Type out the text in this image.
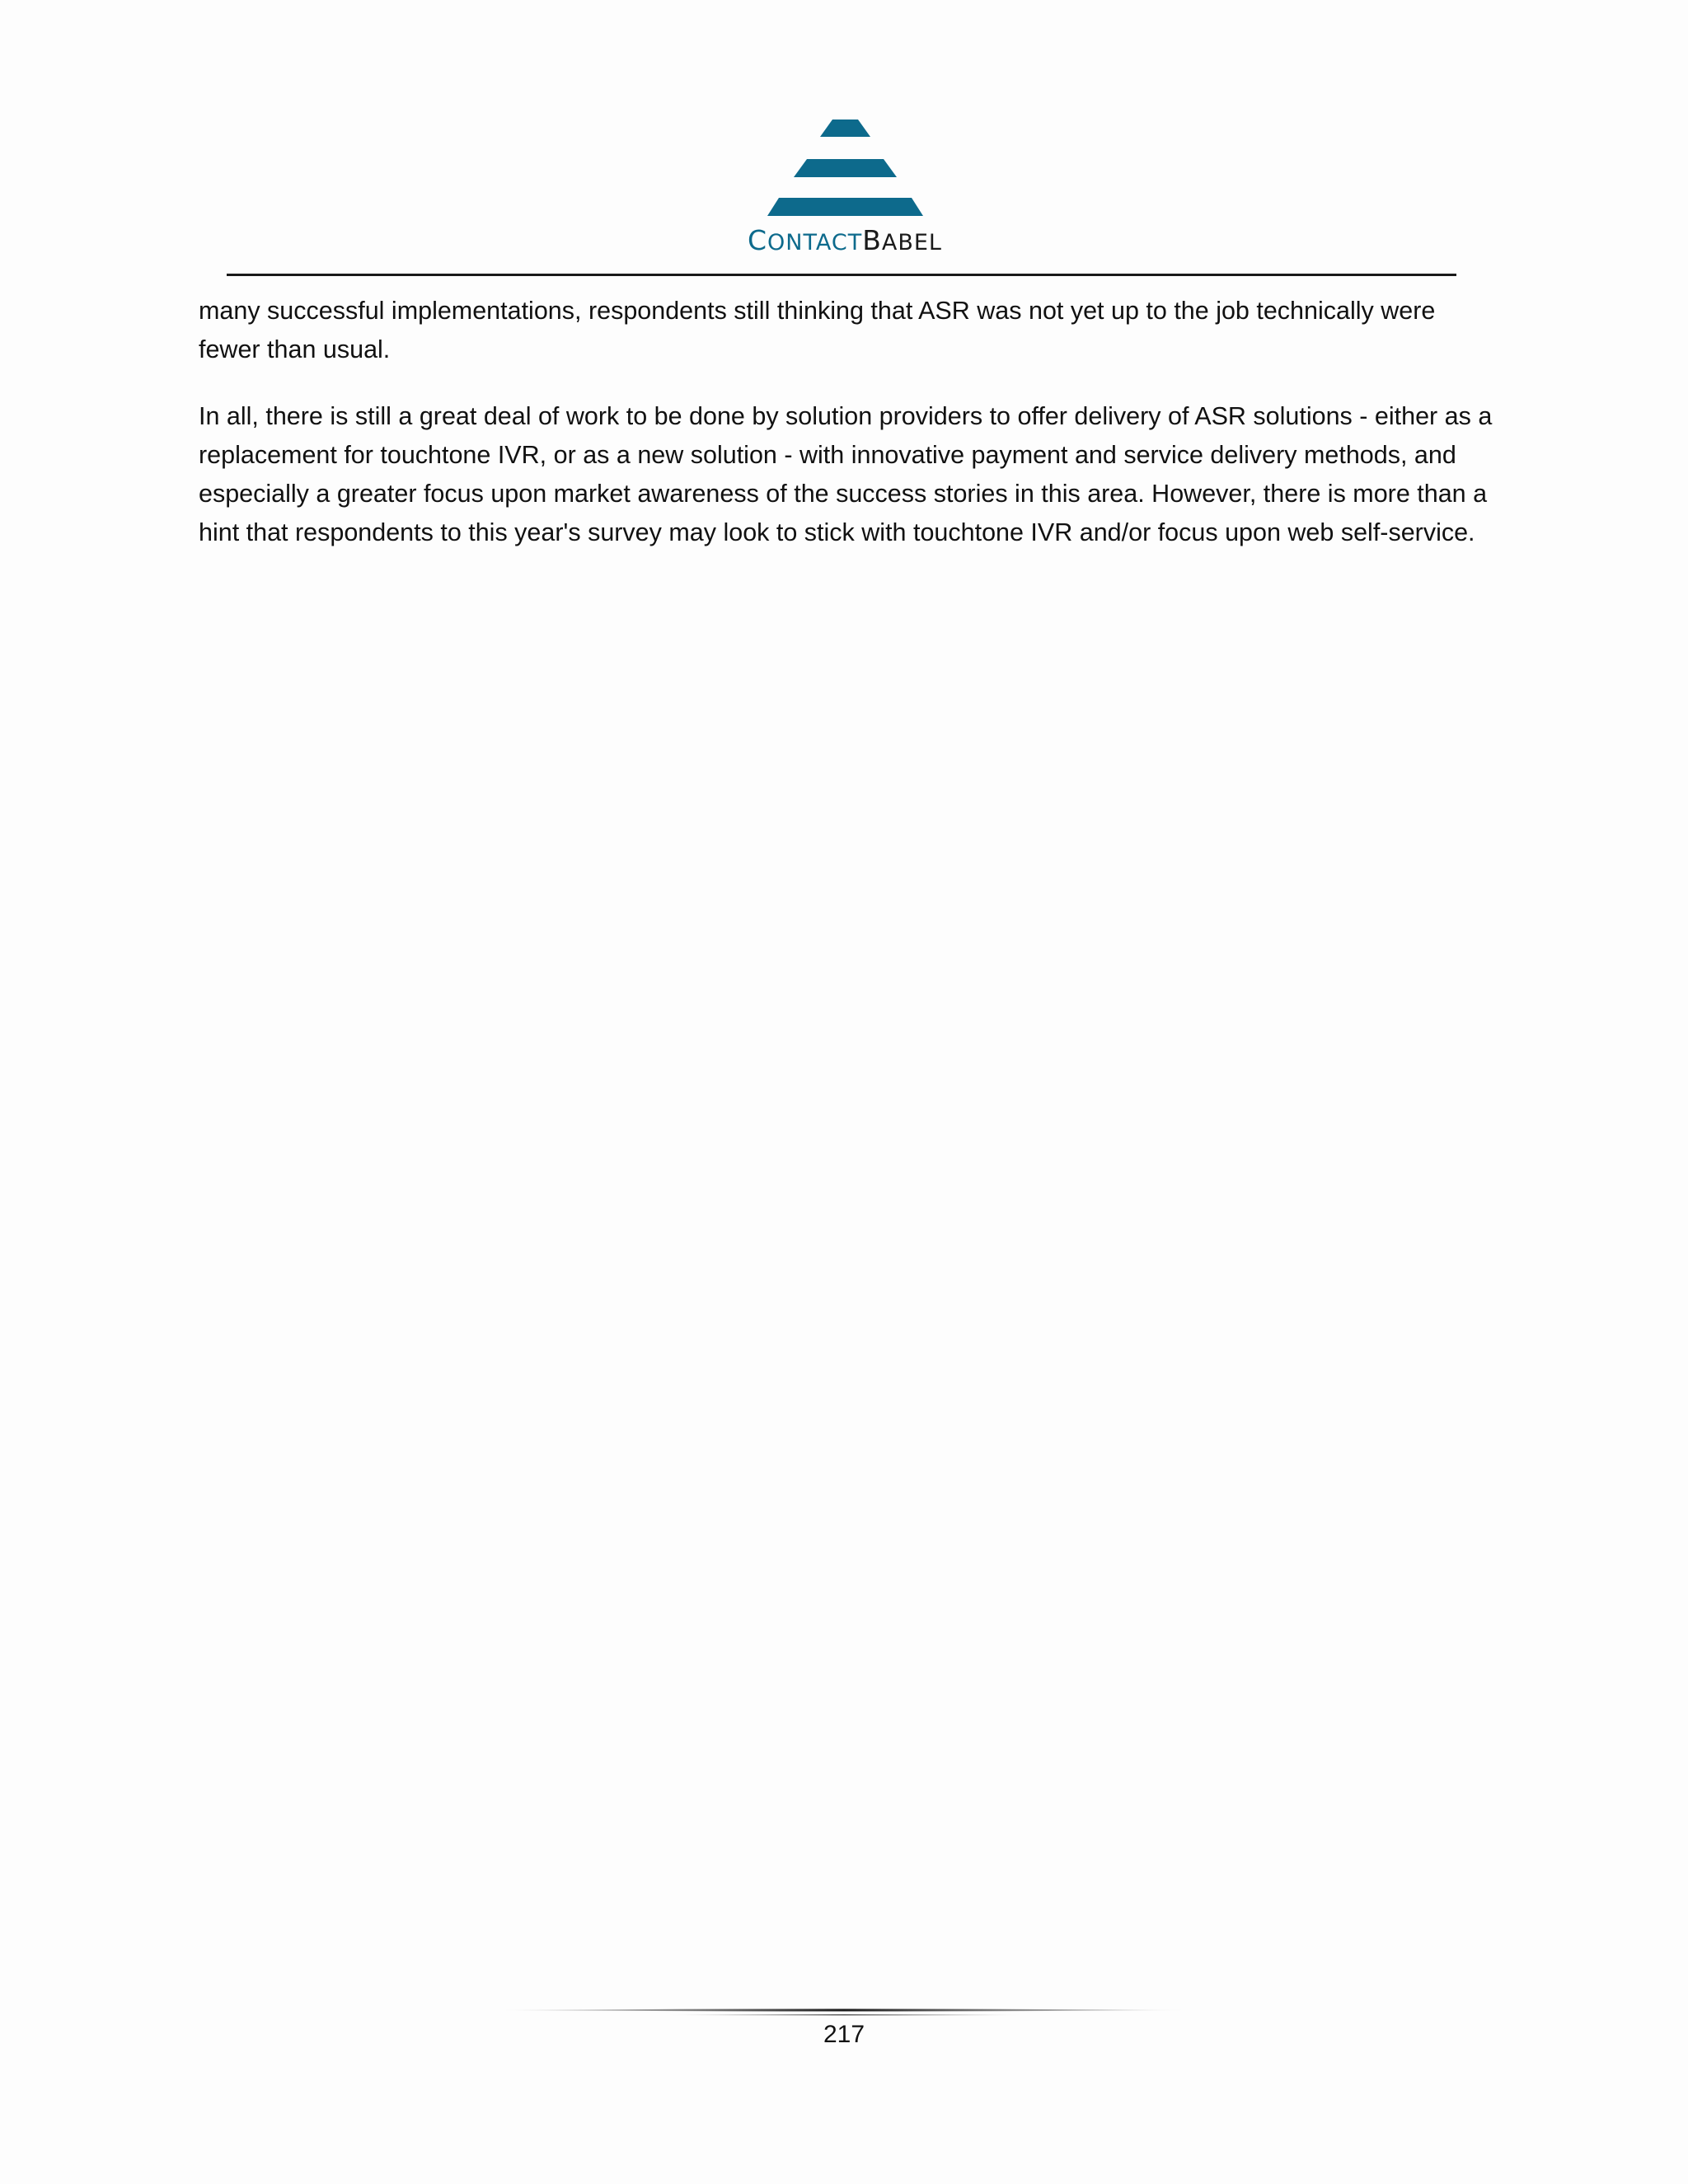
CONTACTBABEL

many successful implementations, respondents still thinking that ASR was not yet up to the job technically were fewer than usual.

In all, there is still a great deal of work to be done by solution providers to offer delivery of ASR solutions - either as a replacement for touchtone IVR, or as a new solution - with innovative payment and service delivery methods, and especially a greater focus upon market awareness of the success stories in this area. However, there is more than a hint that respondents to this year's survey may look to stick with touchtone IVR and/or focus upon web self-service.

217
